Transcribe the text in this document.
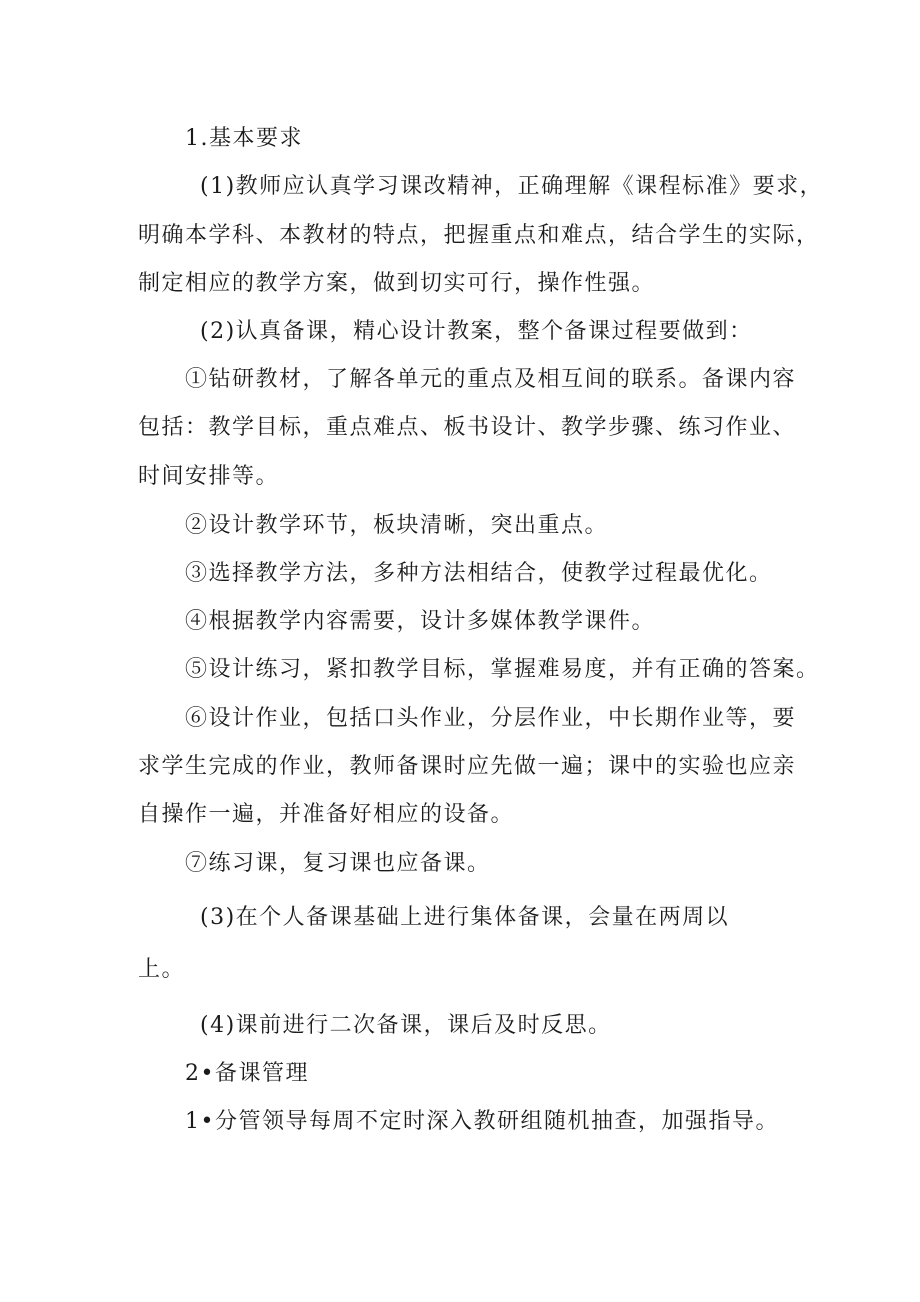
1.基本要求
(1)教师应认真学习课改精神，正确理解《课程标准》要求，
明确本学科、本教材的特点，把握重点和难点，结合学生的实际，
制定相应的教学方案，做到切实可行，操作性强。
(2)认真备课，精心设计教案，整个备课过程要做到：
①钻研教材，了解各单元的重点及相互间的联系。备课内容
包括：教学目标，重点难点、板书设计、教学步骤、练习作业、
时间安排等。
②设计教学环节，板块清晰，突出重点。
③选择教学方法，多种方法相结合，使教学过程最优化。
④根据教学内容需要，设计多媒体教学课件。
⑤设计练习，紧扣教学目标，掌握难易度，并有正确的答案。
⑥设计作业，包括口头作业，分层作业，中长期作业等，要
求学生完成的作业，教师备课时应先做一遍；课中的实验也应亲
自操作一遍，并准备好相应的设备。
⑦练习课，复习课也应备课。
(3)在个人备课基础上进行集体备课，会量在两周以
上。
(4)课前进行二次备课，课后及时反思。
2•备课管理
1•分管领导每周不定时深入教研组随机抽查，加强指导。
